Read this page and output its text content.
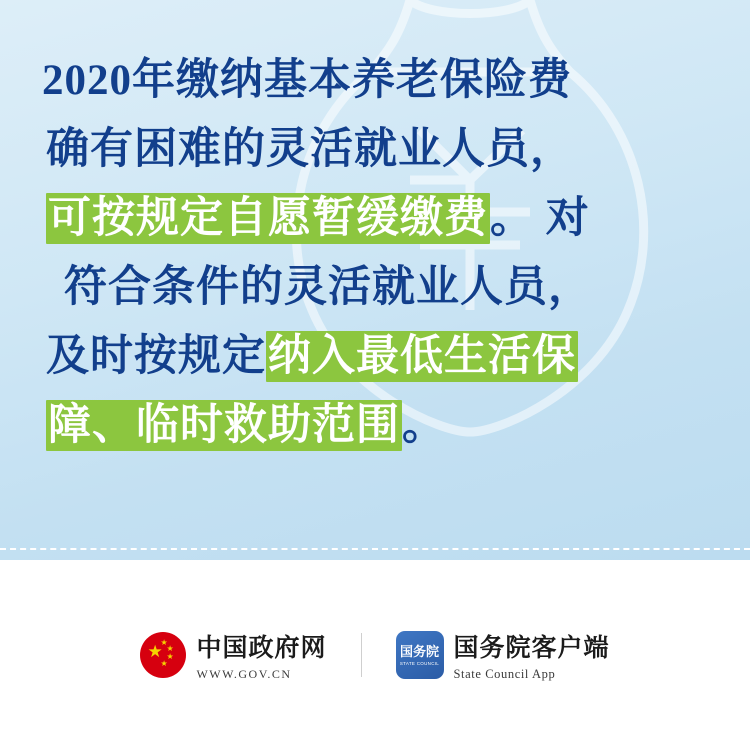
2020年缴纳基本养老保险费
确有困难的灵活就业人员，
可按规定自愿暂缓缴费。 对
符合条件的灵活就业人员，
及时按规定纳入最低生活保
障、临时救助范围。
★
★
★
★
★
中国政府网
WWW.GOV.CN
国务院
STATE COUNCIL
国务院客户端
State Council App
